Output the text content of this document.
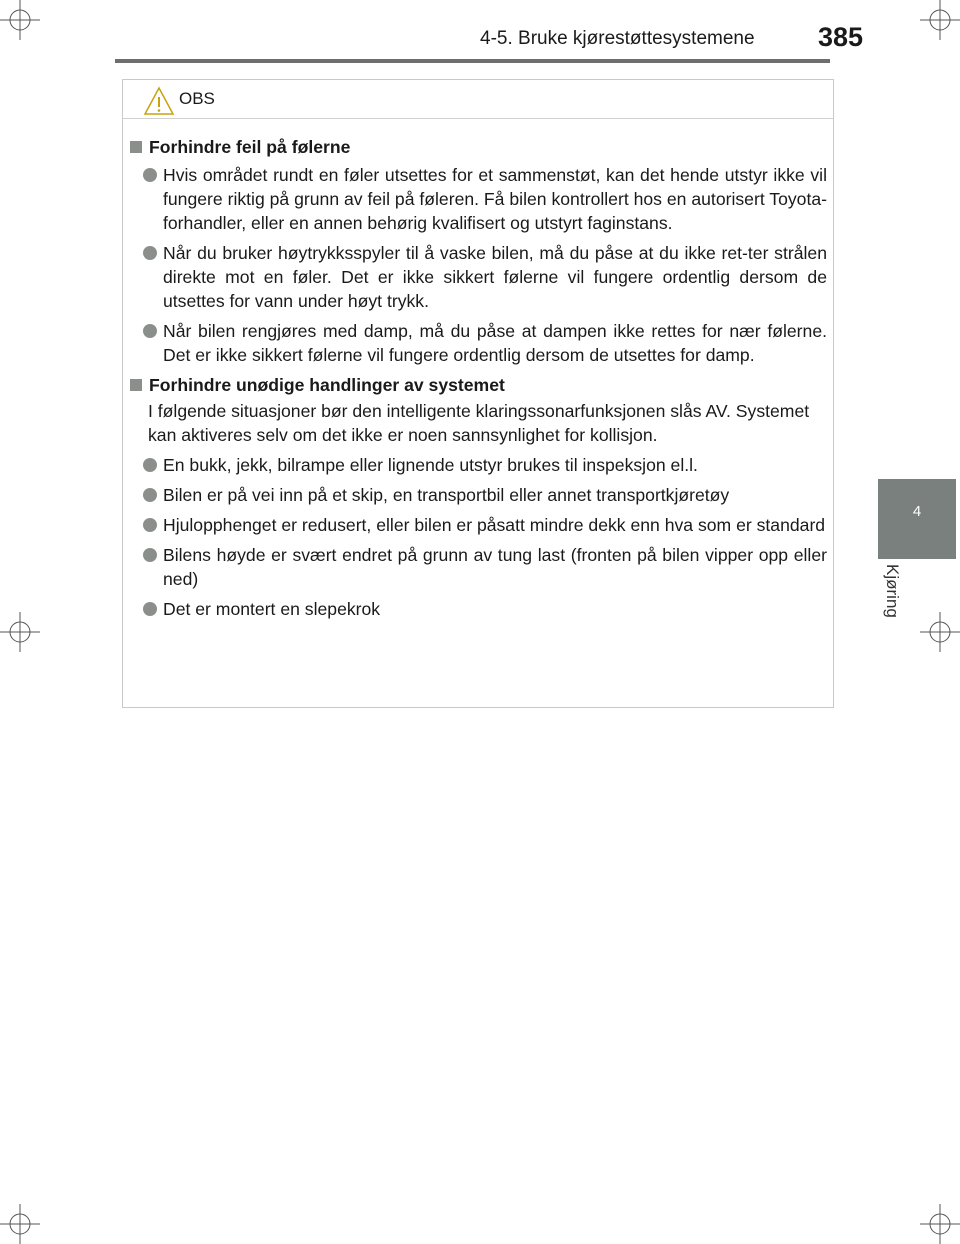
4-5. Bruke kjørestøttesystemene 385
4
Kjøring
OBS
Forhindre feil på følerne
Hvis området rundt en føler utsettes for et sammenstøt, kan det hende utstyr ikke vil fungere riktig på grunn av feil på føleren. Få bilen kontrollert hos en autorisert Toyota-forhandler, eller en annen behørig kvalifisert og utstyrt faginstans.
Når du bruker høytrykksspyler til å vaske bilen, må du påse at du ikke ret-ter strålen direkte mot en føler. Det er ikke sikkert følerne vil fungere ordentlig dersom de utsettes for vann under høyt trykk.
Når bilen rengjøres med damp, må du påse at dampen ikke rettes for nær følerne. Det er ikke sikkert følerne vil fungere ordentlig dersom de utsettes for damp.
Forhindre unødige handlinger av systemet
I følgende situasjoner bør den intelligente klaringssonarfunksjonen slås AV. Systemet kan aktiveres selv om det ikke er noen sannsynlighet for kollisjon.
En bukk, jekk, bilrampe eller lignende utstyr brukes til inspeksjon el.l.
Bilen er på vei inn på et skip, en transportbil eller annet transportkjøretøy
Hjulopphenget er redusert, eller bilen er påsatt mindre dekk enn hva som er standard
Bilens høyde er svært endret på grunn av tung last (fronten på bilen vipper opp eller ned)
Det er montert en slepekrok
